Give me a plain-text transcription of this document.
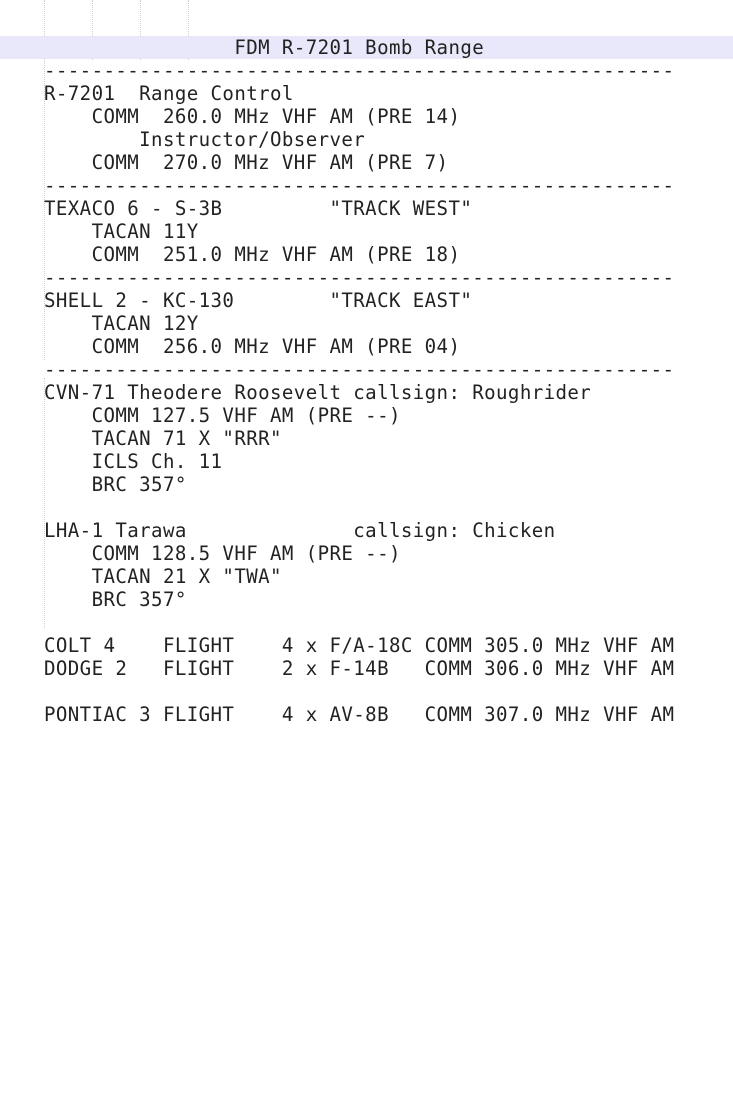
FDM R-7201 Bomb Range
-----------------------------------------------------
R-7201  Range Control
COMM  260.0 MHz VHF AM (PRE 14)
Instructor/Observer
COMM  270.0 MHz VHF AM (PRE 7)
-----------------------------------------------------
TEXACO 6 - S-3B         "TRACK WEST"
TACAN 11Y
COMM  251.0 MHz VHF AM (PRE 18)
-----------------------------------------------------
SHELL 2 - KC-130        "TRACK EAST"
TACAN 12Y
COMM  256.0 MHz VHF AM (PRE 04)
-----------------------------------------------------
CVN-71 Theodere Roosevelt callsign: Roughrider
COMM 127.5 VHF AM (PRE --)
TACAN 71 X "RRR"
ICLS Ch. 11
BRC 357°
LHA-1 Tarawa              callsign: Chicken
COMM 128.5 VHF AM (PRE --)
TACAN 21 X "TWA"
BRC 357°
COLT 4    FLIGHT    4 x F/A-18C COMM 305.0 MHz VHF AM
DODGE 2   FLIGHT    2 x F-14B   COMM 306.0 MHz VHF AM
PONTIAC 3 FLIGHT    4 x AV-8B   COMM 307.0 MHz VHF AM
